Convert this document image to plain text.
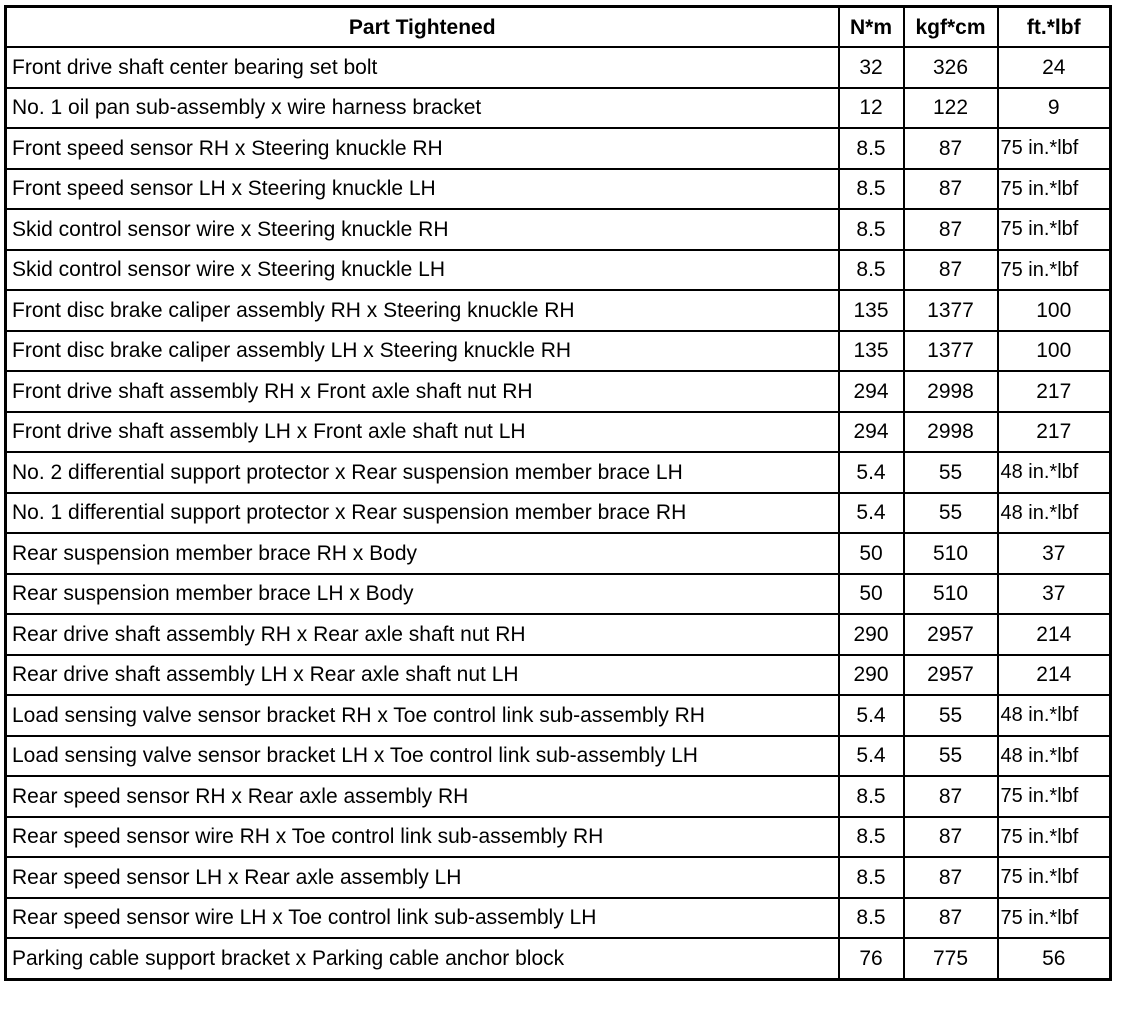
Part Tightened	N*m	kgf*cm	ft.*lbf
Front drive shaft center bearing set bolt	32	326	24
No. 1 oil pan sub-assembly x wire harness bracket	12	122	9
Front speed sensor RH x Steering knuckle RH	8.5	87	75 in.*lbf
Front speed sensor LH x Steering knuckle LH	8.5	87	75 in.*lbf
Skid control sensor wire x Steering knuckle RH	8.5	87	75 in.*lbf
Skid control sensor wire x Steering knuckle LH	8.5	87	75 in.*lbf
Front disc brake caliper assembly RH x Steering knuckle RH	135	1377	100
Front disc brake caliper assembly LH x Steering knuckle RH	135	1377	100
Front drive shaft assembly RH x Front axle shaft nut RH	294	2998	217
Front drive shaft assembly LH x Front axle shaft nut LH	294	2998	217
No. 2 differential support protector x Rear suspension member brace LH	5.4	55	48 in.*lbf
No. 1 differential support protector x Rear suspension member brace RH	5.4	55	48 in.*lbf
Rear suspension member brace RH x Body	50	510	37
Rear suspension member brace LH x Body	50	510	37
Rear drive shaft assembly RH x Rear axle shaft nut RH	290	2957	214
Rear drive shaft assembly LH x Rear axle shaft nut LH	290	2957	214
Load sensing valve sensor bracket RH x Toe control link sub-assembly RH	5.4	55	48 in.*lbf
Load sensing valve sensor bracket LH x Toe control link sub-assembly LH	5.4	55	48 in.*lbf
Rear speed sensor RH x Rear axle assembly RH	8.5	87	75 in.*lbf
Rear speed sensor wire RH x Toe control link sub-assembly RH	8.5	87	75 in.*lbf
Rear speed sensor LH x Rear axle assembly LH	8.5	87	75 in.*lbf
Rear speed sensor wire LH x Toe control link sub-assembly LH	8.5	87	75 in.*lbf
Parking cable support bracket x Parking cable anchor block	76	775	56
